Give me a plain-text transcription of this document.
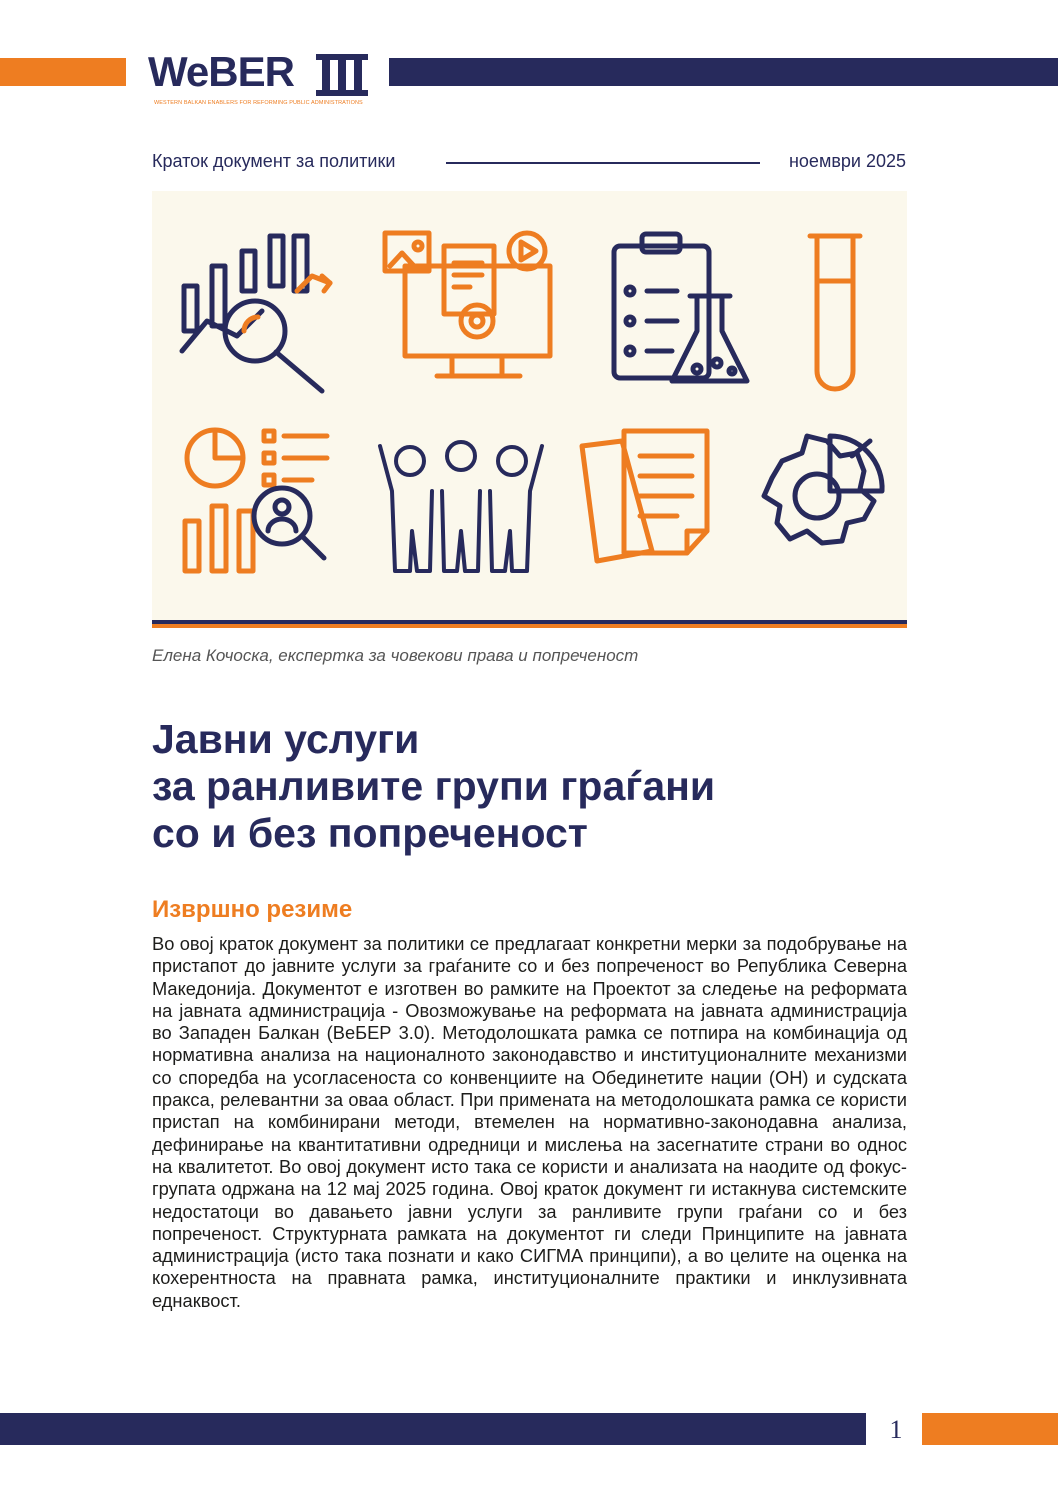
WeBER
WESTERN BALKAN ENABLERS FOR REFORMING PUBLIC ADMINISTRATIONS
Краток документ за политики	ноември 2025
Елена Кочоска, експертка за човекови права и попреченост
Јавни услуги
за ранливите групи граѓани
со и без попреченост
Извршно резиме

Во овој краток документ за политики се предлагаат конкретни мерки за подобрување на пристапот до јавните услуги за граѓаните со и без попреченост во Република Северна Македонија. Документот е изготвен во рамките на Проектот за следење на реформата на јавната администрација - Овозможување на реформата на јавната администрација во Западен Балкан (ВеБЕР 3.0). Методолошката рамка се потпира на комбинација од нормативна анализа на националното законодавство и институционалните механизми со споредба на усогласеноста со конвенциите на Обединетите нации (ОН) и судската пракса, релевантни за оваа област. При примената на методолошката рамка се користи пристап на комбинирани методи, втемелен на нормативно-законодавна анализа, дефинирање на квантитативни одредници и мислења на засегнатите страни во однос на квалитетот. Во овој документ исто така се користи и анализата на наодите од фокус-групата одржана на 12 мај 2025 година. Овој краток документ ги истакнува системските недостатоци во давањето јавни услуги за ранливите групи граѓани со и без попреченост. Структурната рамката на документот ги следи Принципите на јавната администрација (исто така познати и како СИГМА принципи), а во целите на оценка на кохерентноста на правната рамка, институционалните практики и инклузивната еднаквост.

1
